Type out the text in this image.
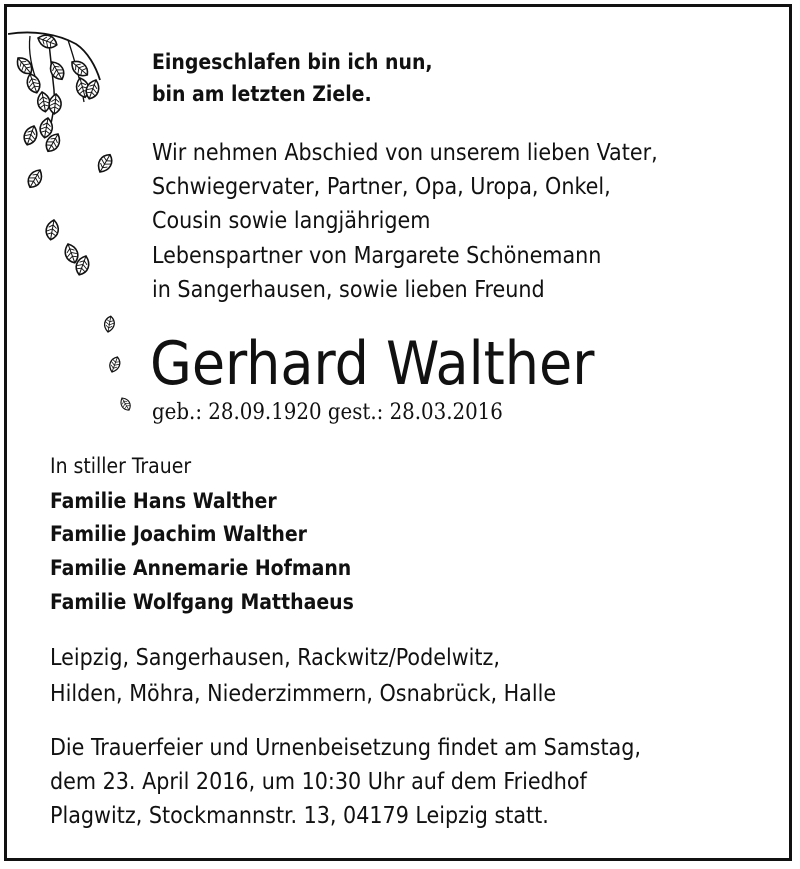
Eingeschlafen bin ich nun,
bin am letzten Ziele.
Wir nehmen Abschied von unserem lieben Vater,
Schwiegervater, Partner, Opa, Uropa, Onkel,
Cousin sowie langjährigem
Lebenspartner von Margarete Schönemann
in Sangerhausen, sowie lieben Freund
Gerhard Walther
geb.: 28.09.1920 gest.: 28.03.2016
In stiller Trauer
Familie Hans Walther
Familie Joachim Walther
Familie Annemarie Hofmann
Familie Wolfgang Matthaeus
Leipzig, Sangerhausen, Rackwitz/Podelwitz,
Hilden, Möhra, Niederzimmern, Osnabrück, Halle
Die Trauerfeier und Urnenbeisetzung findet am Samstag,
dem 23. April 2016, um 10:30 Uhr auf dem Friedhof
Plagwitz, Stockmannstr. 13, 04179 Leipzig statt.
